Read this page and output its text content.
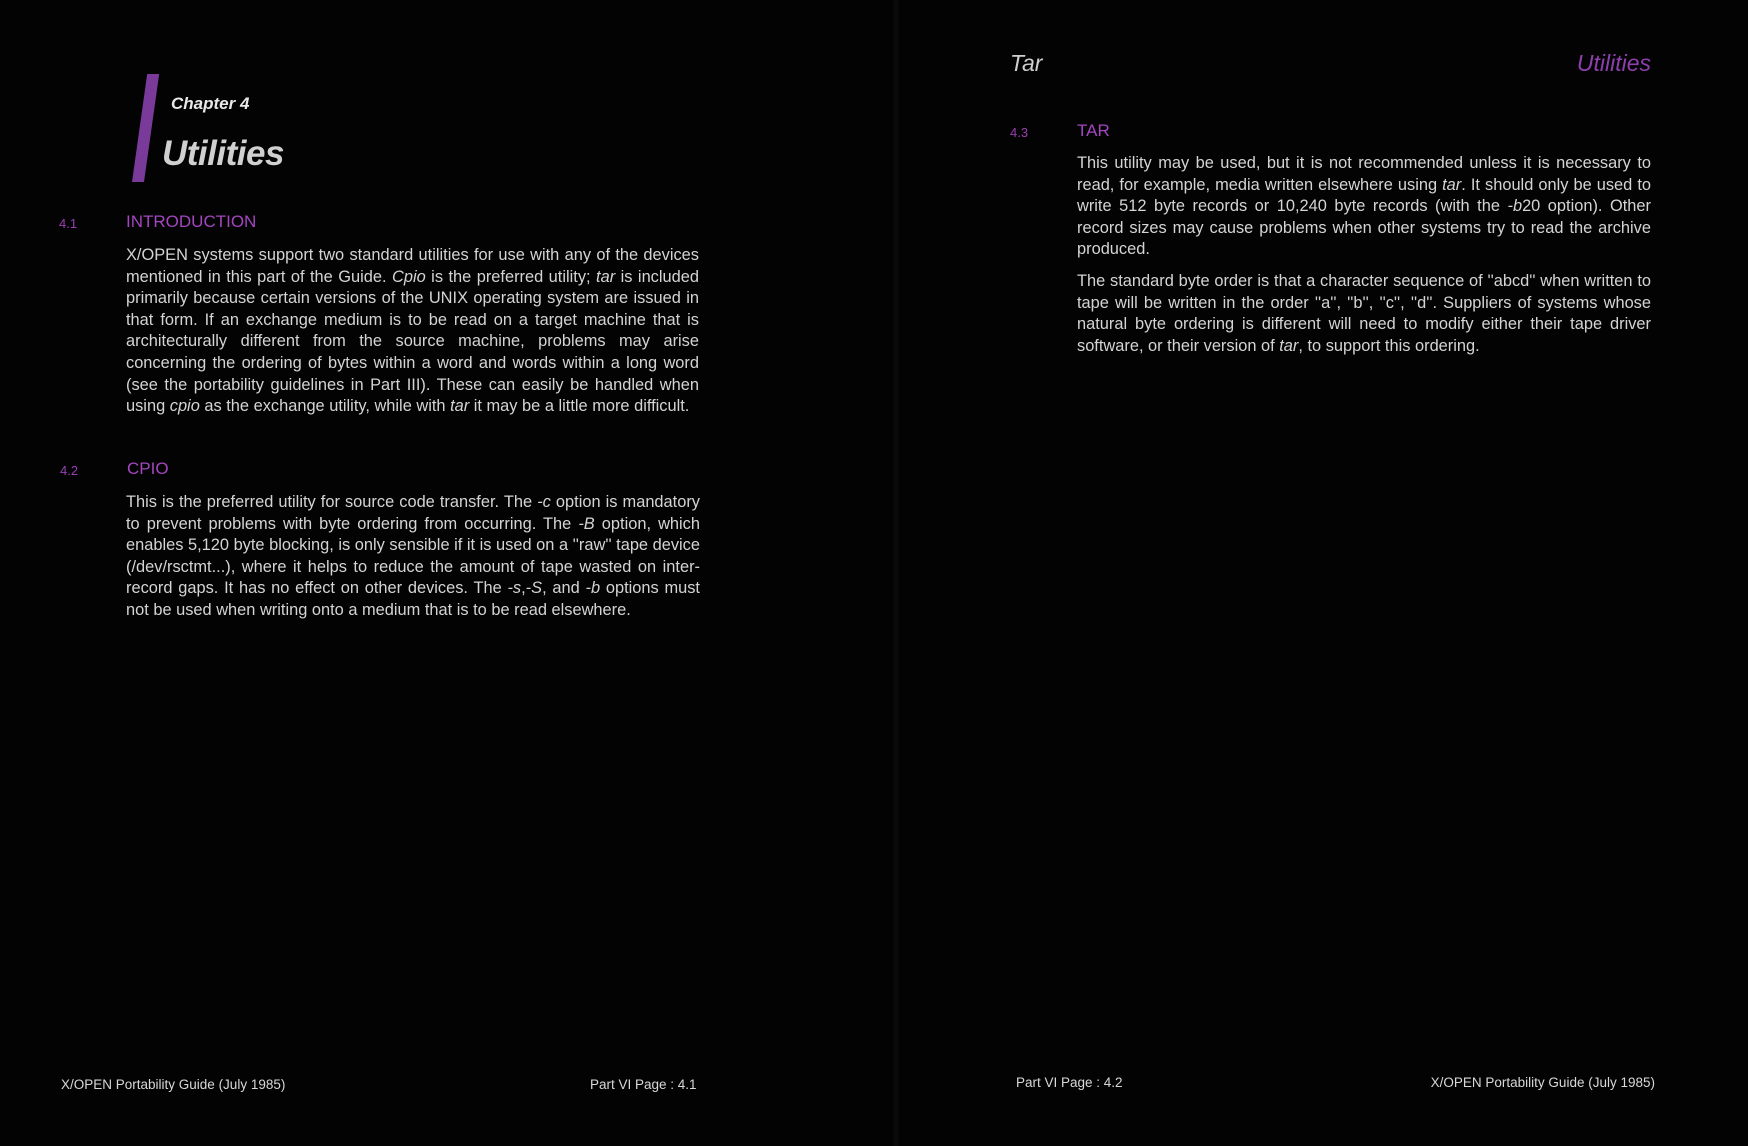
Chapter 4
Utilities
4.1	INTRODUCTION

X/OPEN systems support two standard utilities for use with any of the devices mentioned in this part of the Guide. Cpio is the preferred utility; tar is included primarily because certain versions of the UNIX operating system are issued in that form. If an exchange medium is to be read on a target machine that is architecturally different from the source machine, problems may arise concerning the ordering of bytes within a word and words within a long word (see the portability guidelines in Part III). These can easily be handled when using cpio as the exchange utility, while with tar it may be a little more difficult.

4.2	CPIO

This is the preferred utility for source code transfer. The -c option is mandatory to prevent problems with byte ordering from occurring. The -B option, which enables 5,120 byte blocking, is only sensible if it is used on a ''raw'' tape device (/dev/rsctmt...), where it helps to reduce the amount of tape wasted on inter-record gaps. It has no effect on other devices. The -s,-S, and -b options must not be used when writing onto a medium that is to be read elsewhere.

X/OPEN Portability Guide (July 1985)	Part VI Page : 4.1
Tar	Utilities
4.3	TAR

This utility may be used, but it is not recommended unless it is necessary to read, for example, media written elsewhere using tar. It should only be used to write 512 byte records or 10,240 byte records (with the -b20 option). Other record sizes may cause problems when other systems try to read the archive produced.

The standard byte order is that a character sequence of ''abcd'' when written to tape will be written in the order ''a'', ''b'', ''c'', ''d''. Suppliers of systems whose natural byte ordering is different will need to modify either their tape driver software, or their version of tar, to support this ordering.

Part VI Page : 4.2	X/OPEN Portability Guide (July 1985)
